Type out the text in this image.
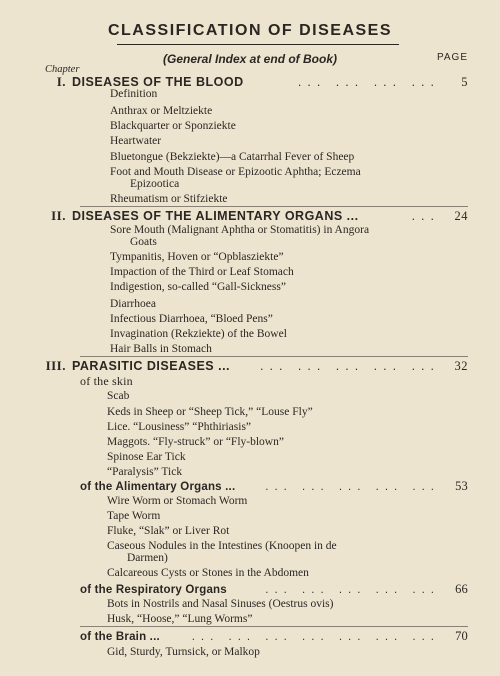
CLASSIFICATION OF DISEASES
(General Index at end of Book)	PAGE
Chapter
I. DISEASES OF THE BLOOD	... ... ... ...	5
Definition
Anthrax or Meltziekte
Blackquarter or Sponziekte
Heartwater
Bluetongue (Bekziekte)—a Catarrhal Fever of Sheep
Foot and Mouth Disease or Epizootic Aphtha; Eczema
Epizootica
Rheumatism or Stifziekte
II. DISEASES OF THE ALIMENTARY ORGANS ...	...	24
Sore Mouth (Malignant Aphtha or Stomatitis) in Angora
Goats
Tympanitis, Hoven or “Opblasziekte”
Impaction of the Third or Leaf Stomach
Indigestion, so-called “Gall-Sickness”
Diarrhoea
Infectious Diarrhoea, “Bloed Pens”
Invagination (Rekziekte) of the Bowel
Hair Balls in Stomach
III. PARASITIC DISEASES ...	... ... ... ... ...	32
of the skin
Scab
Keds in Sheep or “Sheep Tick,” “Louse Fly”
Lice. “Lousiness” “Phthiriasis”
Maggots. “Fly-struck” or “Fly-blown”
Spinose Ear Tick
“Paralysis” Tick
of the Alimentary Organs ...	... ... ... ... ...	53
Wire Worm or Stomach Worm
Tape Worm
Fluke, “Slak” or Liver Rot
Caseous Nodules in the Intestines (Knoopen in de
Darmen)
Calcareous Cysts or Stones in the Abdomen
of the Respiratory Organs	... ... ... ... ...	66
Bots in Nostrils and Nasal Sinuses (Oestrus ovis)
Husk, “Hoose,” “Lung Worms”
of the Brain ...	... ... ... ... ... ... ...	70
Gid, Sturdy, Turnsick, or Malkop
